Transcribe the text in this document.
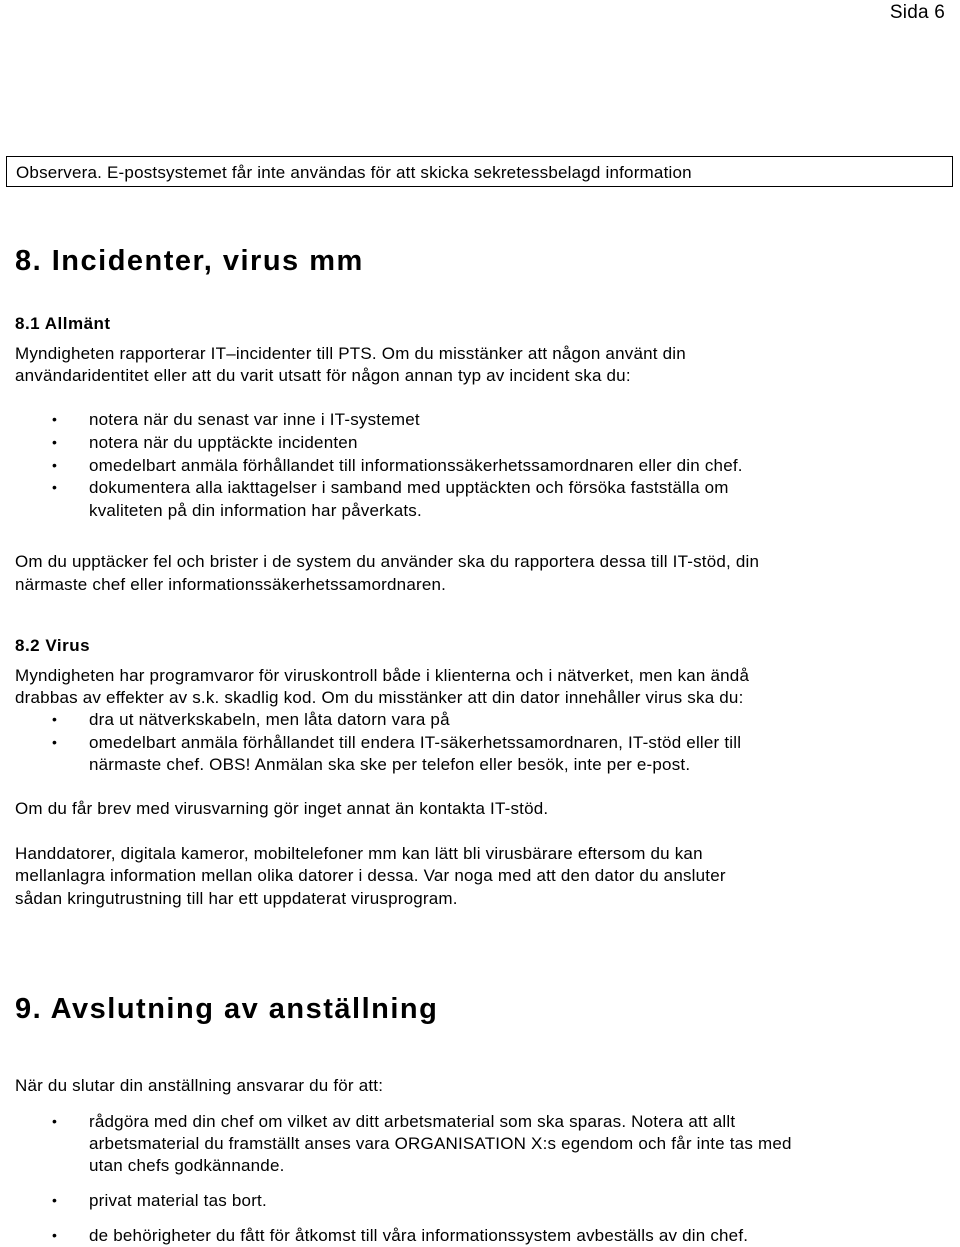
Sida 6
Observera. E-postsystemet får inte användas för att skicka sekretessbelagd information
8. Incidenter, virus mm
8.1 Allmänt
Myndigheten rapporterar IT–incidenter till PTS. Om du misstänker att någon använt din
användaridentitet eller att du varit utsatt för någon annan typ av incident ska du:
• notera när du senast var inne i IT-systemet
• notera när du upptäckte incidenten
• omedelbart anmäla förhållandet till informationssäkerhetssamordnaren eller din chef.
• dokumentera alla iakttagelser i samband med upptäckten och försöka fastställa om
kvaliteten på din information har påverkats.
Om du upptäcker fel och brister i de system du använder ska du rapportera dessa till IT-stöd, din
närmaste chef eller informationssäkerhetssamordnaren.
8.2 Virus
Myndigheten har programvaror för viruskontroll både i klienterna och i nätverket, men kan ändå
drabbas av effekter av s.k. skadlig kod. Om du misstänker att din dator innehåller virus ska du:
• dra ut nätverkskabeln, men låta datorn vara på
• omedelbart anmäla förhållandet till endera IT-säkerhetssamordnaren, IT-stöd eller till
närmaste chef. OBS! Anmälan ska ske per telefon eller besök, inte per e-post.
Om du får brev med virusvarning gör inget annat än kontakta IT-stöd.
Handdatorer, digitala kameror, mobiltelefoner mm kan lätt bli virusbärare eftersom du kan
mellanlagra information mellan olika datorer i dessa. Var noga med att den dator du ansluter
sådan kringutrustning till har ett uppdaterat virusprogram.
9. Avslutning av anställning
När du slutar din anställning ansvarar du för att:
• rådgöra med din chef om vilket av ditt arbetsmaterial som ska sparas. Notera att allt
arbetsmaterial du framställt anses vara ORGANISATION X:s egendom och får inte tas med
utan chefs godkännande.
• privat material tas bort.
• de behörigheter du fått för åtkomst till våra informationssystem avbeställs av din chef.
